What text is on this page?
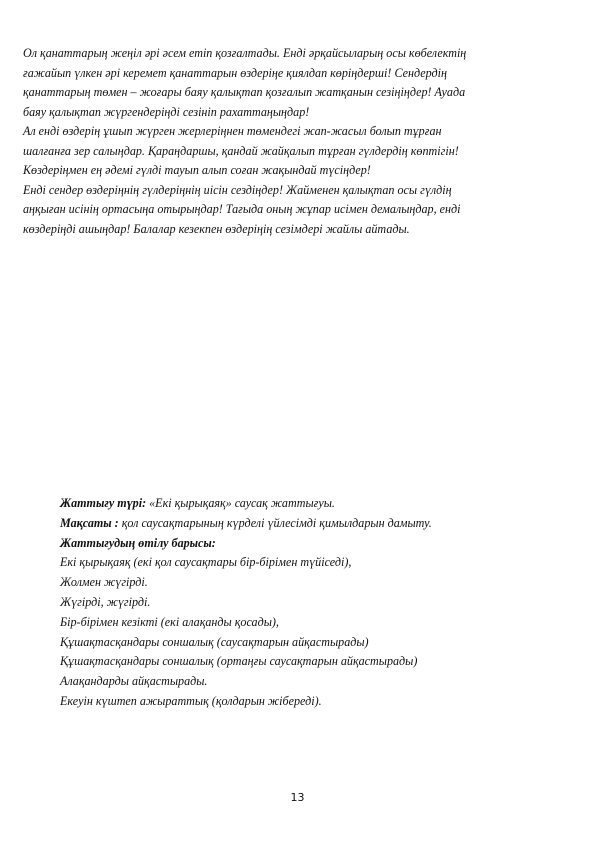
Ол қанаттарың жеңіл әрі әсем етіп қозғалтады. Енді әрқайсыларың осы көбелектің
ғажайып үлкен әрі керемет қанаттарын өздеріңе қиялдап көріңдерші! Сендердің
қанаттарың төмен – жоғары баяу қалықтап қозғалып жатқанын сезіңіңдер! Ауада
баяу қалықтап жүргендеріңді сезініп рахаттаңыңдар!
Ал енді өздерің ұшып жүрген жерлеріңнен төмендегі жап-жасыл болып тұрған
шалғанға зер салыңдар. Қараңдаршы, қандай жайқалып тұрған гүлдердің көптігін!
Көздеріңмен ең әдемі гүлді тауып алып соған жақындай түсіңдер!
Енді сендер өздеріңнің гүлдеріңнің иісін сездіңдер! Жайменен қалықтап осы гүлдің
аңқыған исінің ортасыңа отырыңдар! Тағыда оның жұпар исімен демалыңдар, енді
көздеріңді ашыңдар! Балалар кезекпен өздеріңің сезімдері жайлы айтады.
Жаттығу түрі: «Екі қырықаяқ» саусақ жаттығуы.
Мақсаты : қол саусақтарының күрделі үйлесімді қимылдарын дамыту.
Жаттығудың өтілу барысы:
Екі қырықаяқ (екі қол саусақтары бір-бірімен түйіседі),
Жолмен жүгірді.
Жүгірді, жүгірді.
Бір-бірімен кезікті (екі алақанды қосады),
Құшақтасқандары соншалық (саусақтарын айқастырады)
Құшақтасқандары соншалық (ортаңғы саусақтарын айқастырады)
Алақандарды айқастырады.
Екеуін күштеп ажыраттық (қолдарын жібереді).
13
